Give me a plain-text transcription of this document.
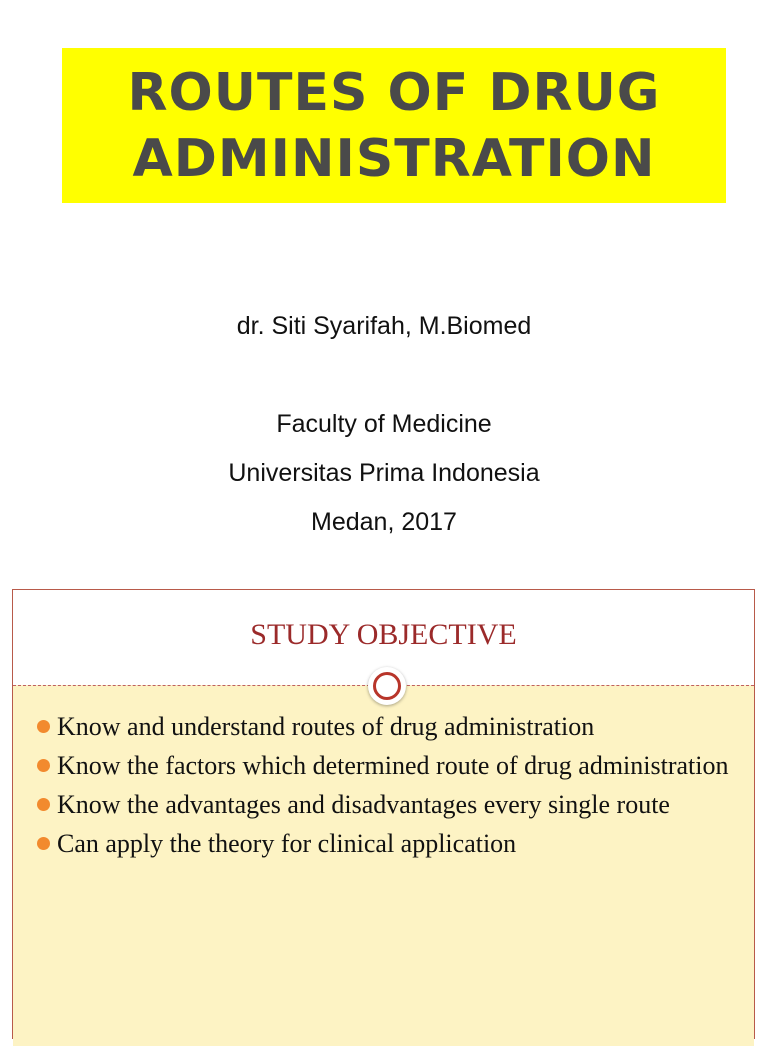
ROUTES OF DRUG
ADMINISTRATION
dr. Siti Syarifah, M.Biomed
Faculty of Medicine
Universitas Prima Indonesia
Medan, 2017
STUDY OBJECTIVE
Know and understand routes of drug administration
Know the factors which determined route of drug administration
Know the advantages and disadvantages every single route
Can apply the theory for clinical application
